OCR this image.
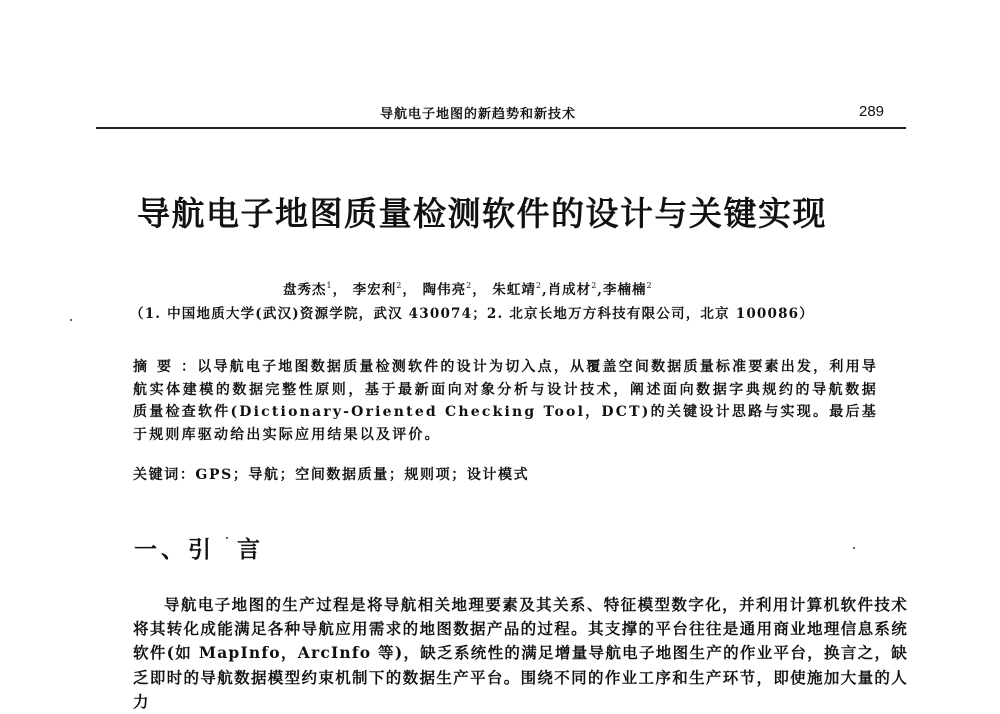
导航电子地图的新趋势和新技术	289
导航电子地图质量检测软件的设计与关键实现
盘秀杰$^1$， 李宏利$^2$， 陶伟亮$^2$， 朱虹靖$^2$,肖成材$^2$,李楠楠$^2$
（1. 中国地质大学(武汉)资源学院，武汉 430074；2. 北京长地万方科技有限公司，北京 100086）
摘要：以导航电子地图数据质量检测软件的设计为切入点，从覆盖空间数据质量标准要素出发，利用导航实体建模的数据完整性原则，基于最新面向对象分析与设计技术，阐述面向数据字典规约的导航数据质量检查软件(Dictionary-Oriented Checking Tool，DCT)的关键设计思路与实现。最后基于规则库驱动给出实际应用结果以及评价。
关键词：GPS；导航；空间数据质量；规则项；设计模式
一、引 言

导航电子地图的生产过程是将导航相关地理要素及其关系、特征模型数字化，并利用计算机软件技术将其转化成能满足各种导航应用需求的地图数据产品的过程。其支撑的平台往往是通用商业地理信息系统软件(如 MapInfo，ArcInfo 等)，缺乏系统性的满足增量导航电子地图生产的作业平台，换言之，缺乏即时的导航数据模型约束机制下的数据生产平台。围绕不同的作业工序和生产环节，即使施加大量的人力
